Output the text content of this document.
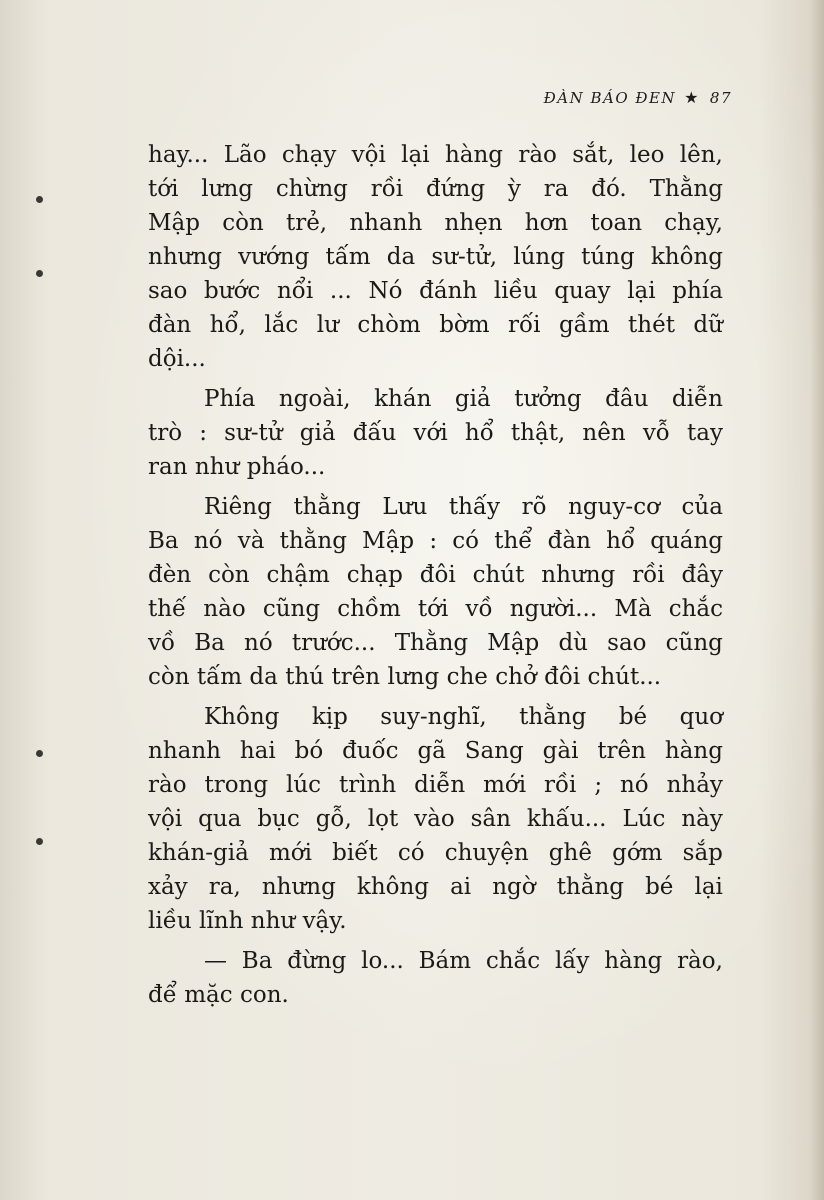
ĐÀN BÁO ĐEN ★ 87
hay... Lão chạy vội lại hàng rào sắt, leo lên,
tới lưng chừng rồi đứng ỳ ra đó. Thằng
Mập còn trẻ, nhanh nhẹn hơn toan chạy,
nhưng vướng tấm da sư-tử, lúng túng không
sao bước nổi ... Nó đánh liều quay lại phía
đàn hổ, lắc lư chòm bờm rối gầm thét dữ
dội...
Phía ngoài, khán giả tưởng đâu diễn
trò : sư-tử giả đấu với hổ thật, nên vỗ tay
ran như pháo...
Riêng thằng Lưu thấy rõ nguy-cơ của
Ba nó và thằng Mập : có thể đàn hổ quáng
đèn còn chậm chạp đôi chút nhưng rồi đây
thế nào cũng chồm tới vồ người... Mà chắc
vồ Ba nó trước... Thằng Mập dù sao cũng
còn tấm da thú trên lưng che chở đôi chút...
Không kịp suy-nghĩ, thằng bé quơ
nhanh hai bó đuốc gã Sang gài trên hàng
rào trong lúc trình diễn mới rồi ; nó nhảy
vội qua bục gỗ, lọt vào sân khấu... Lúc này
khán-giả mới biết có chuyện ghê gớm sắp
xảy ra, nhưng không ai ngờ thằng bé lại
liều lĩnh như vậy.
— Ba đừng lo... Bám chắc lấy hàng rào,
để mặc con.
